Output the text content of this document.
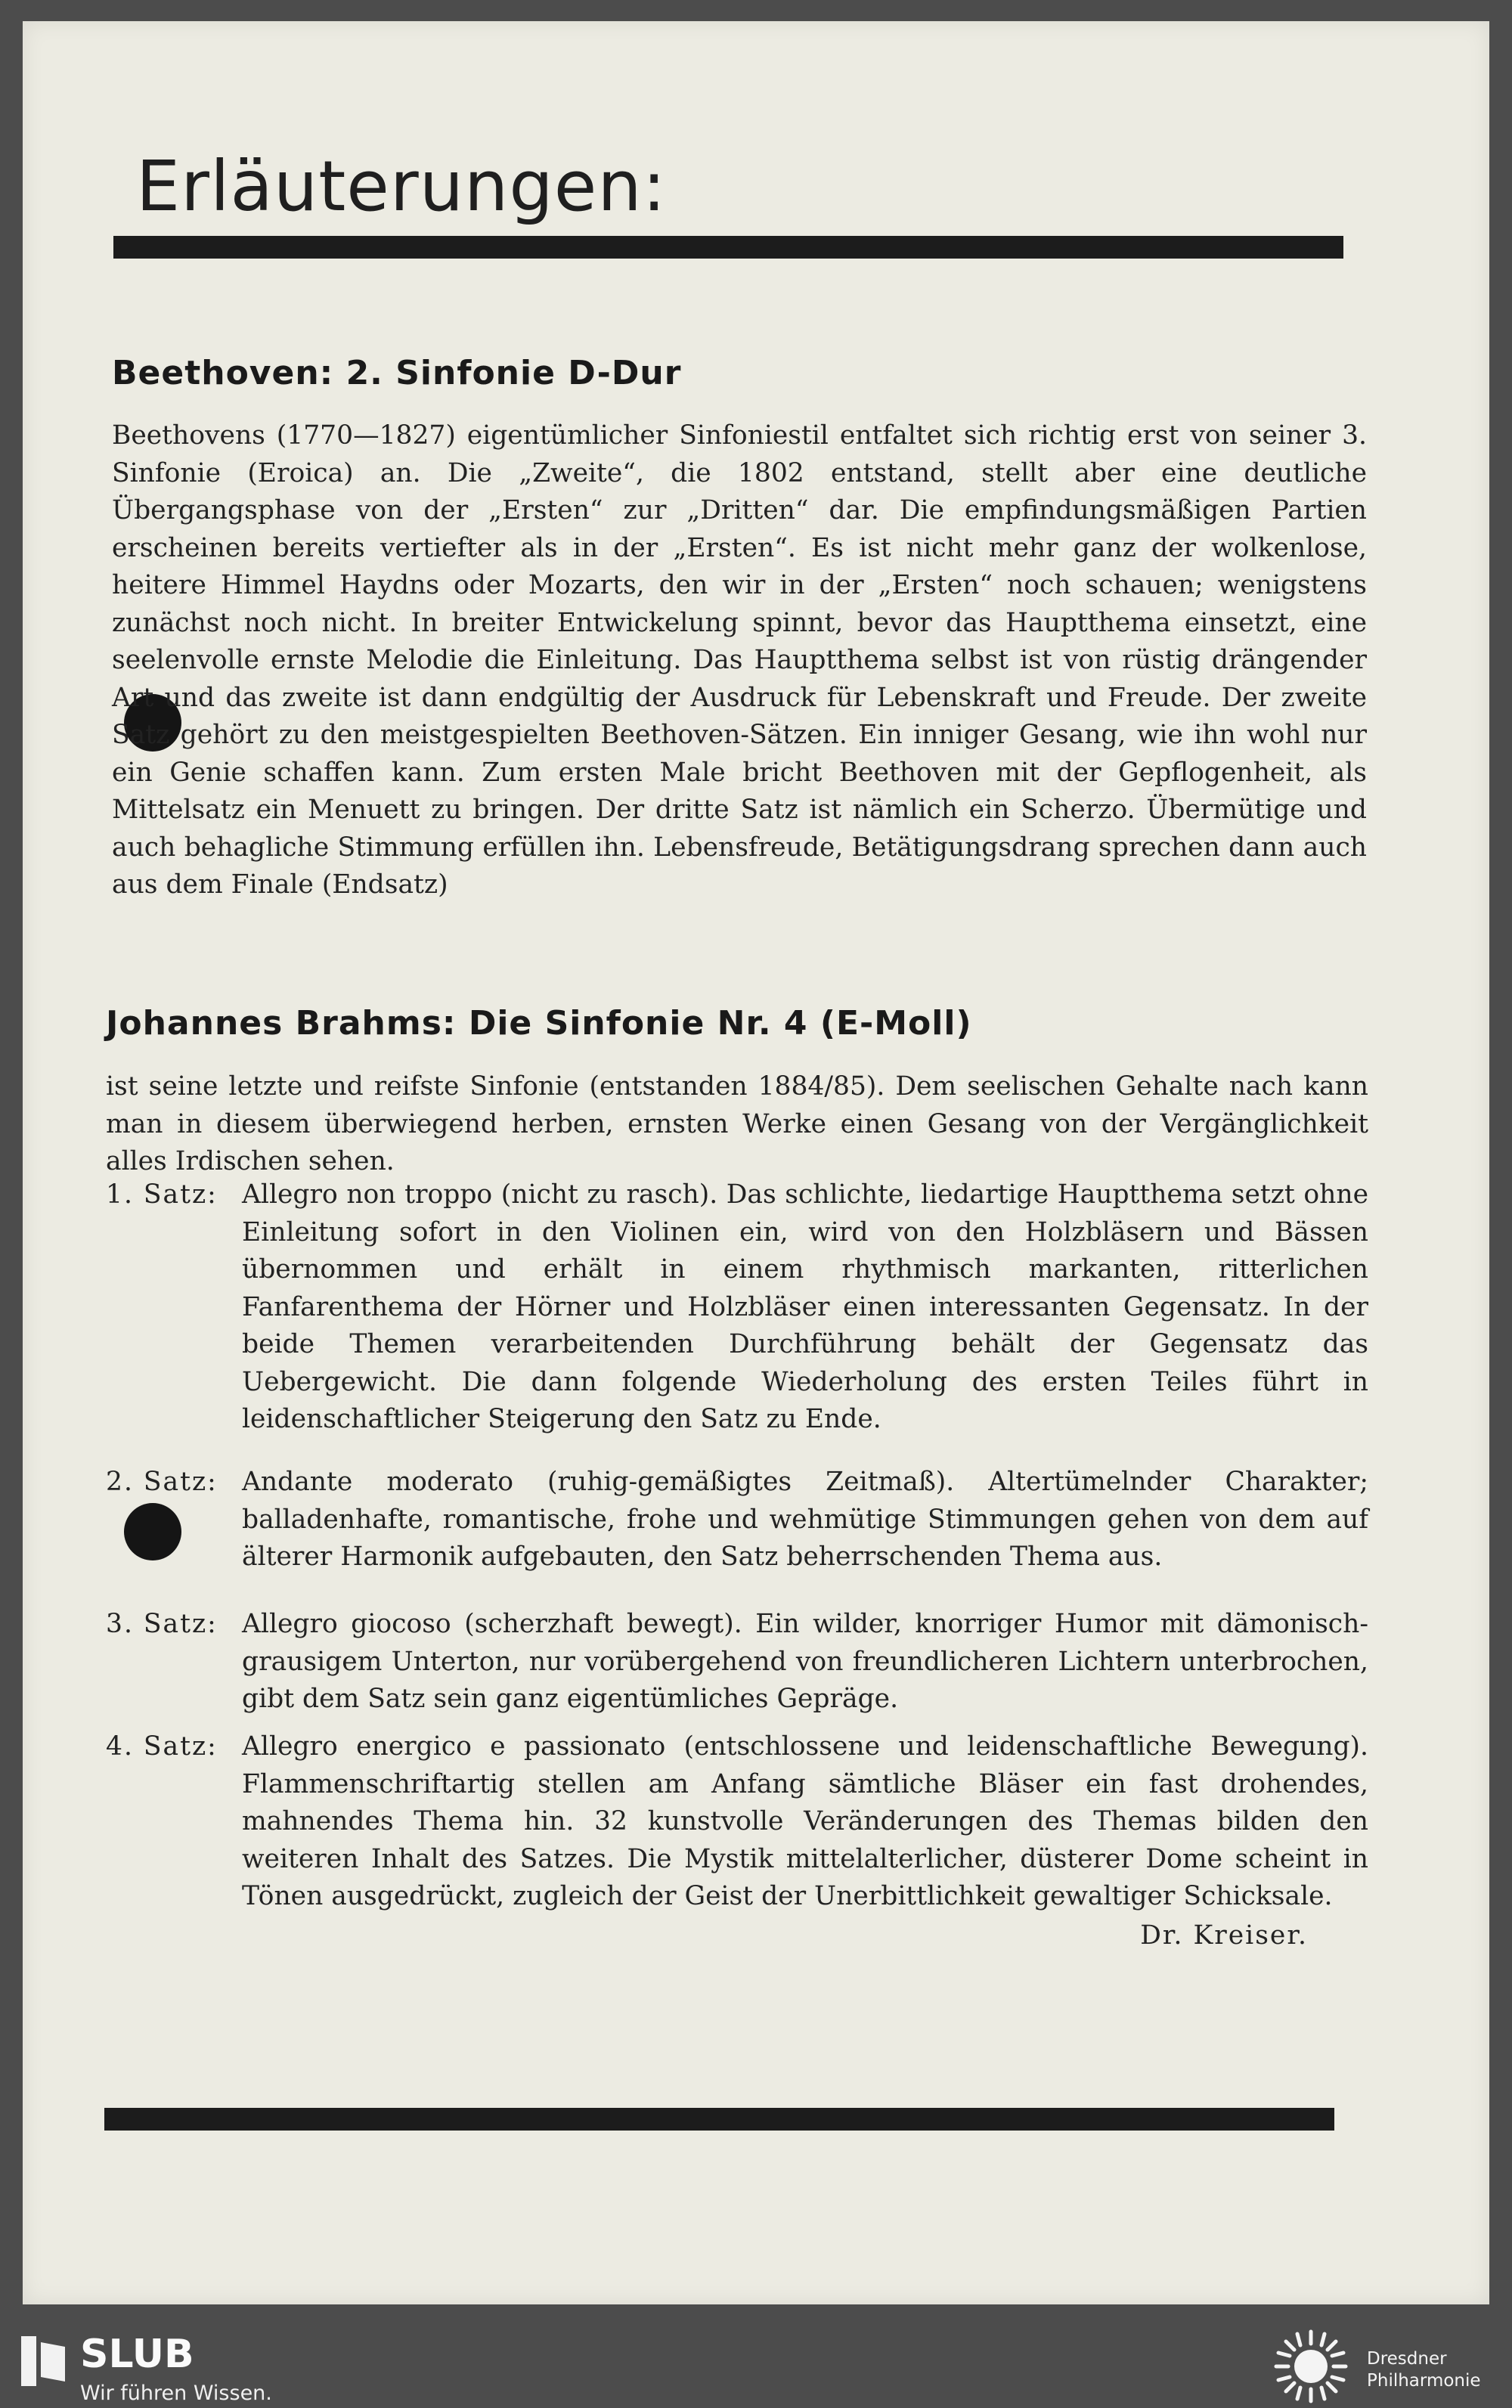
Erläuterungen:
Beethoven: 2. Sinfonie D-Dur

Beethovens (1770—1827) eigentümlicher Sinfoniestil entfaltet sich richtig erst von seiner 3. Sinfonie (Eroica) an. Die „Zweite“, die 1802 entstand, stellt aber eine deutliche Übergangsphase von der „Ersten“ zur „Dritten“ dar. Die empfindungsmäßigen Partien erscheinen bereits vertiefter als in der „Ersten“. Es ist nicht mehr ganz der wolkenlose, heitere Himmel Haydns oder Mozarts, den wir in der „Ersten“ noch schauen; wenigstens zunächst noch nicht. In breiter Entwickelung spinnt, bevor das Hauptthema einsetzt, eine seelenvolle ernste Melodie die Einleitung. Das Hauptthema selbst ist von rüstig drängender Art und das zweite ist dann endgültig der Ausdruck für Lebenskraft und Freude. Der zweite Satz gehört zu den meistgespielten Beethoven-Sätzen. Ein inniger Gesang, wie ihn wohl nur ein Genie schaffen kann. Zum ersten Male bricht Beethoven mit der Gepflogenheit, als Mittelsatz ein Menuett zu bringen. Der dritte Satz ist nämlich ein Scherzo. Übermütige und auch behagliche Stimmung erfüllen ihn. Lebensfreude, Betätigungsdrang sprechen dann auch aus dem Finale (Endsatz)

Johannes Brahms: Die Sinfonie Nr. 4 (E-Moll)

ist seine letzte und reifste Sinfonie (entstanden 1884/85). Dem seelischen Gehalte nach kann man in diesem überwiegend herben, ernsten Werke einen Gesang von der Vergänglichkeit alles Irdischen sehen.

1. Satz: Allegro non troppo (nicht zu rasch). Das schlichte, liedartige Hauptthema setzt ohne Einleitung sofort in den Violinen ein, wird von den Holzbläsern und Bässen übernommen und erhält in einem rhythmisch markanten, ritterlichen Fanfarenthema der Hörner und Holzbläser einen interessanten Gegensatz. In der beide Themen verarbeitenden Durchführung behält der Gegensatz das Uebergewicht. Die dann folgende Wiederholung des ersten Teiles führt in leidenschaftlicher Steigerung den Satz zu Ende.
2. Satz: Andante moderato (ruhig-gemäßigtes Zeitmaß). Altertümelnder Charakter; balladenhafte, romantische, frohe und wehmütige Stimmungen gehen von dem auf älterer Harmonik aufgebauten, den Satz beherrschenden Thema aus.
3. Satz: Allegro giocoso (scherzhaft bewegt). Ein wilder, knorriger Humor mit dämonisch-grausigem Unterton, nur vorübergehend von freundlicheren Lichtern unterbrochen, gibt dem Satz sein ganz eigentümliches Gepräge.
4. Satz: Allegro energico e passionato (entschlossene und leidenschaftliche Bewegung). Flammenschriftartig stellen am Anfang sämtliche Bläser ein fast drohendes, mahnendes Thema hin. 32 kunstvolle Veränderungen des Themas bilden den weiteren Inhalt des Satzes. Die Mystik mittelalterlicher, düsterer Dome scheint in Tönen ausgedrückt, zugleich der Geist der Unerbittlichkeit gewaltiger Schicksale.
Dr. Kreiser.

SLUB

Wir führen Wissen.

Dresdner
Philharmonie
